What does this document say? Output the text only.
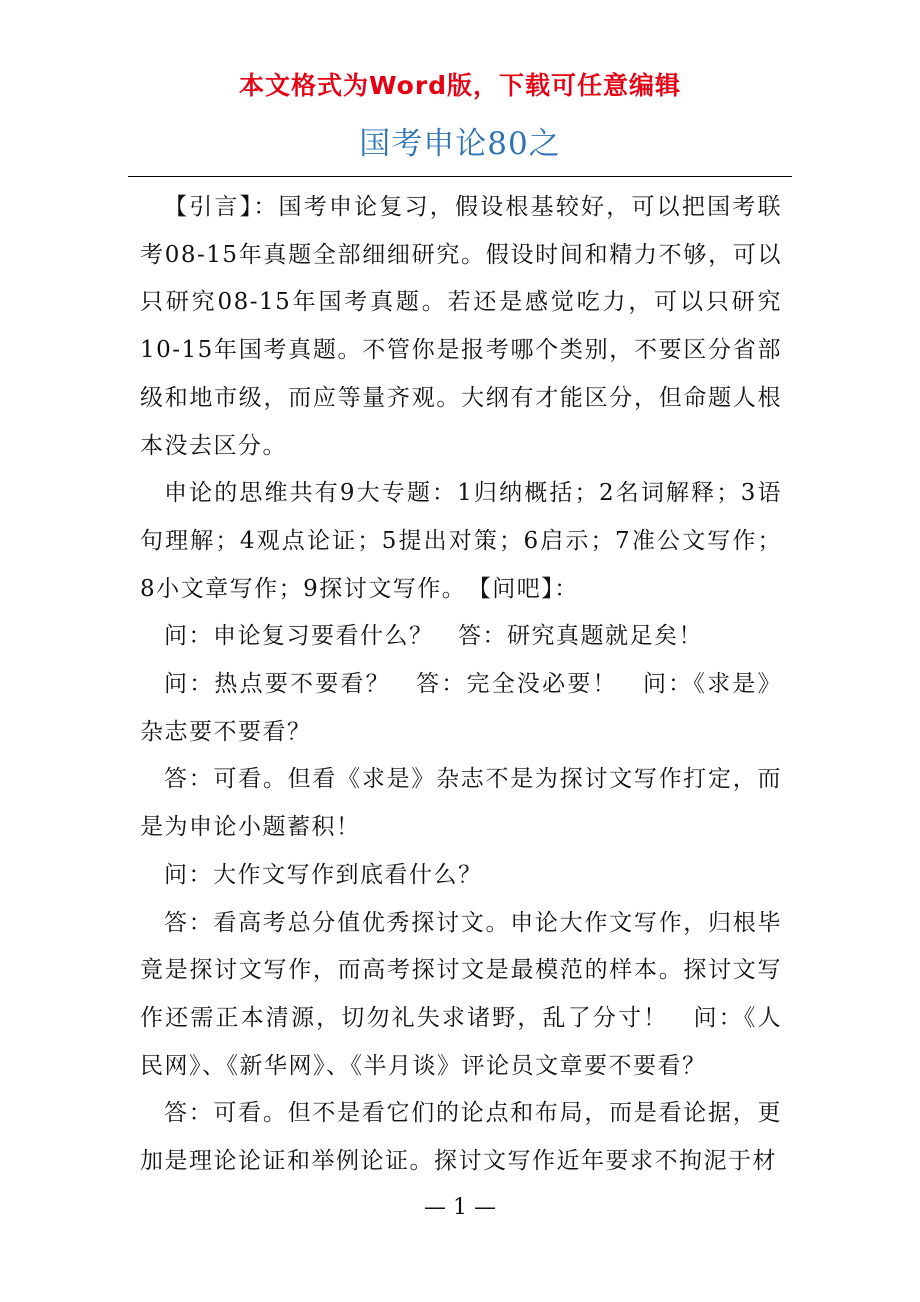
本文格式为Word版，下载可任意编辑
国考申论80之

【引言】：国考申论复习，假设根基较好，可以把国考联考08-15年真题全部细细研究。假设时间和精力不够，可以只研究08-15年国考真题。若还是感觉吃力，可以只研究10-15年国考真题。不管你是报考哪个类别，不要区分省部级和地市级，而应等量齐观。大纲有才能区分，但命题人根本没去区分。

申论的思维共有9大专题：1归纳概括；2名词解释；3语句理解；4观点论证；5提出对策；6启示；7准公文写作；8小文章写作；9探讨文写作。　【问吧】：

问：申论复习要看什么？　答：研究真题就足矣！

问：热点要不要看？　答：完全没必要！　问：《求是》杂志要不要看？

答：可看。但看《求是》杂志不是为探讨文写作打定，而是为申论小题蓄积！

问：大作文写作到底看什么？

答：看高考总分值优秀探讨文。申论大作文写作，归根毕竟是探讨文写作，而高考探讨文是最模范的样本。探讨文写作还需正本清源，切勿礼失求诸野，乱了分寸！　问：《人民网》、《新华网》、《半月谈》评论员文章要不要看？

答：可看。但不是看它们的论点和布局，而是看论据，更加是理论论证和举例论证。探讨文写作近年要求不拘泥于材

— 1 —
